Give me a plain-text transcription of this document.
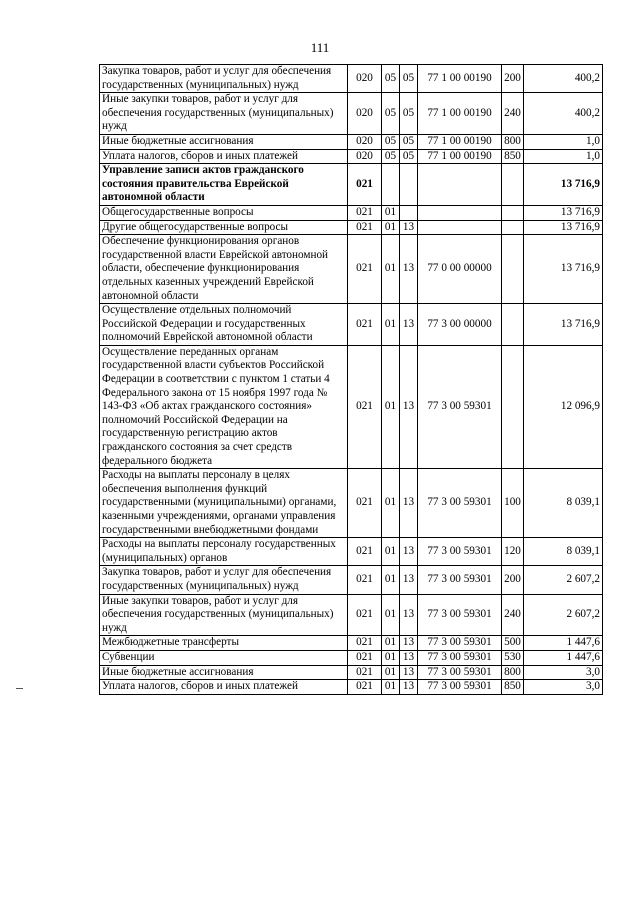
111
Закупка товаров, работ и услуг для обеспечения государственных (муниципальных) нужд	020	05	05	77 1 00 00190	200	400,2
Иные закупки товаров, работ и услуг для обеспечения государственных (муниципальных) нужд	020	05	05	77 1 00 00190	240	400,2
Иные бюджетные ассигнования	020	05	05	77 1 00 00190	800	1,0
Уплата налогов, сборов и иных платежей	020	05	05	77 1 00 00190	850	1,0
Управление записи актов гражданского состояния правительства Еврейской автономной области	021					13 716,9
Общегосударственные вопросы	021	01				13 716,9
Другие общегосударственные вопросы	021	01	13			13 716,9
Обеспечение функционирования органов государственной власти Еврейской автономной области, обеспечение функционирования отдельных казенных учреждений Еврейской автономной области	021	01	13	77 0 00 00000		13 716,9
Осуществление отдельных полномочий Российской Федерации и государственных полномочий Еврейской автономной области	021	01	13	77 3 00 00000		13 716,9
Осуществление переданных органам государственной власти субъектов Российской Федерации в соответствии с пунктом 1 статьи 4 Федерального закона от 15 ноября 1997 года № 143-ФЗ «Об актах гражданского состояния» полномочий Российской Федерации на государственную регистрацию актов гражданского состояния за счет средств федерального бюджета	021	01	13	77 3 00 59301		12 096,9
Расходы на выплаты персоналу в целях обеспечения выполнения функций государственными (муниципальными) органами, казенными учреждениями, органами управления государственными внебюджетными фондами	021	01	13	77 3 00 59301	100	8 039,1
Расходы на выплаты персоналу государственных (муниципальных) органов	021	01	13	77 3 00 59301	120	8 039,1
Закупка товаров, работ и услуг для обеспечения государственных (муниципальных) нужд	021	01	13	77 3 00 59301	200	2 607,2
Иные закупки товаров, работ и услуг для обеспечения государственных (муниципальных) нужд	021	01	13	77 3 00 59301	240	2 607,2
Межбюджетные трансферты	021	01	13	77 3 00 59301	500	1 447,6
Субвенции	021	01	13	77 3 00 59301	530	1 447,6
Иные бюджетные ассигнования	021	01	13	77 3 00 59301	800	3,0
Уплата налогов, сборов и иных платежей	021	01	13	77 3 00 59301	850	3,0
